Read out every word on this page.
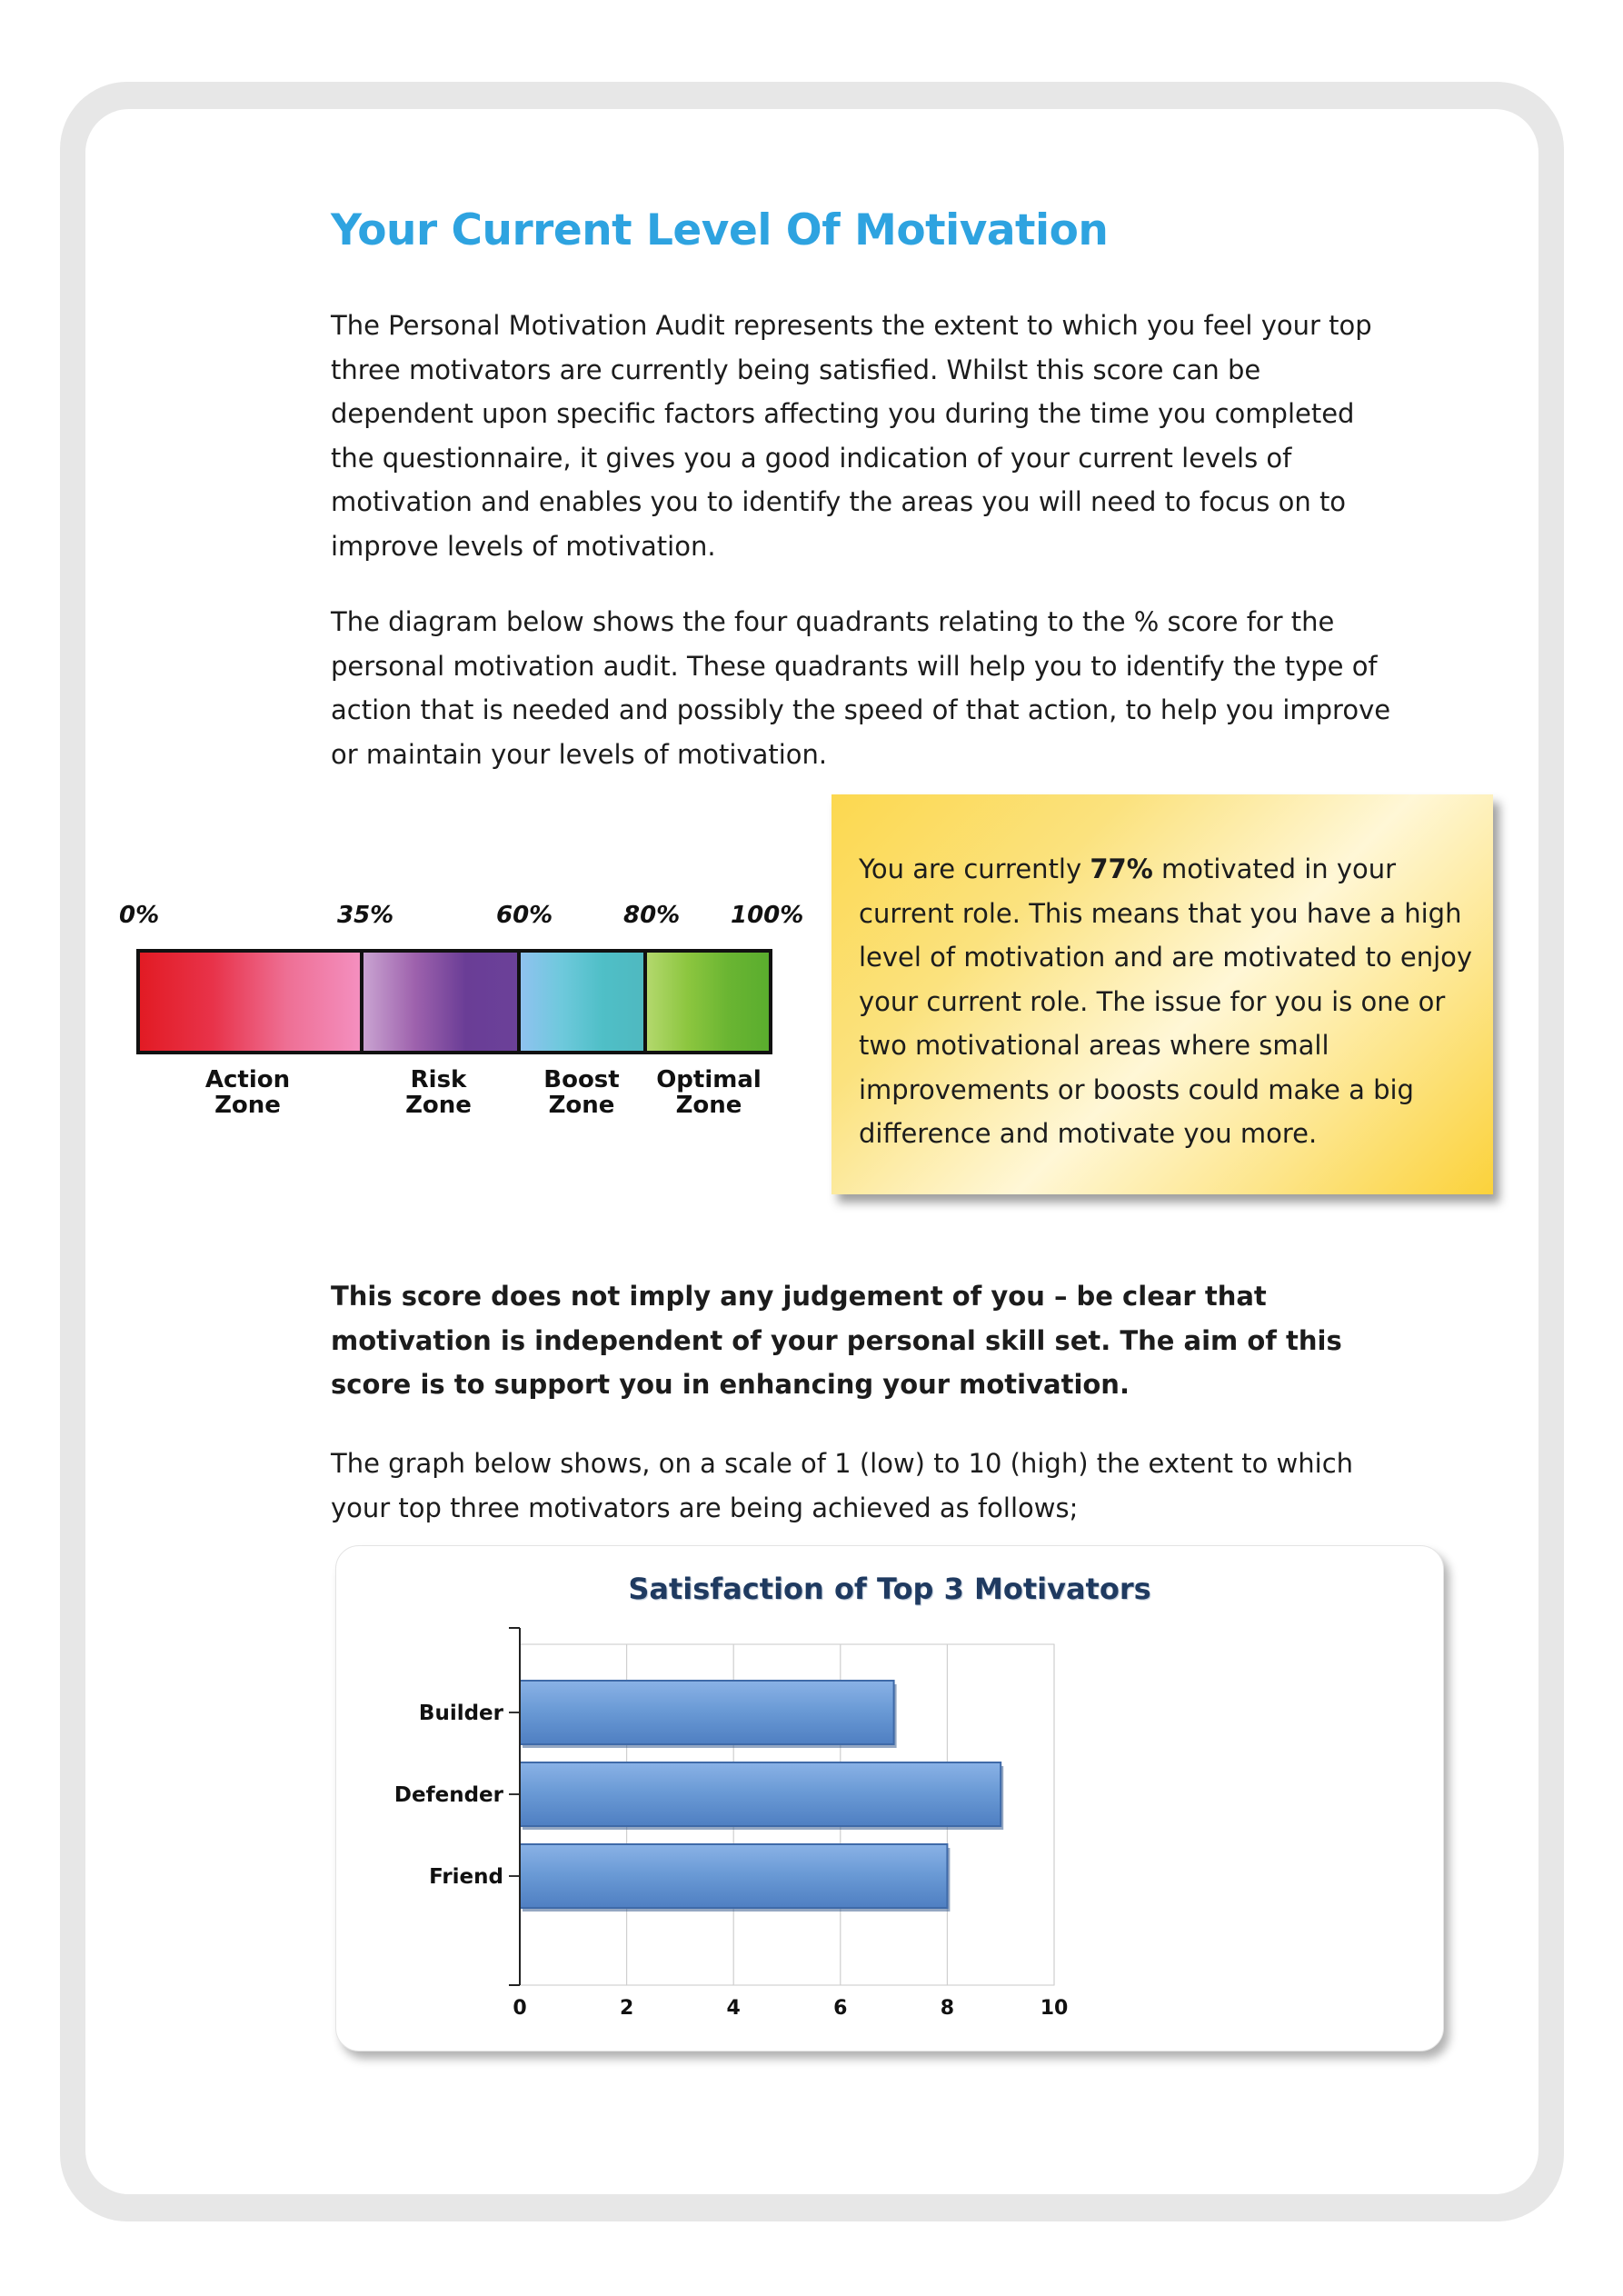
Your Current Level Of Motivation

The Personal Motivation Audit represents the extent to which you feel your top three motivators are currently being satisfied. Whilst this score can be dependent upon specific factors affecting you during the time you completed the questionnaire, it gives you a good indication of your current levels of motivation and enables you to identify the areas you will need to focus on to improve levels of motivation.

The diagram below shows the four quadrants relating to the % score for the personal motivation audit. These quadrants will help you to identify the type of action that is needed and possibly the speed of that action, to help you improve or maintain your levels of motivation.

Action
Zone
Risk
Zone
Boost
Zone
Optimal
Zone
0%	35%	60%	80% 100%

You are currently 77% motivated in your current role. This means that you have a high level of motivation and are motivated to enjoy your current role. The issue for you is one or two motivational areas where small improvements or boosts could make a big difference and motivate you more.

This score does not imply any judgement of you – be clear that motivation is independent of your personal skill set. The aim of this score is to support you in enhancing your motivation.

The graph below shows, on a scale of 1 (low) to 10 (high) the extent to which your top three motivators are being achieved as follows;

Satisfaction of Top 3 Motivators
0	2	4	6	8	10
Builder
Defender
Friend
